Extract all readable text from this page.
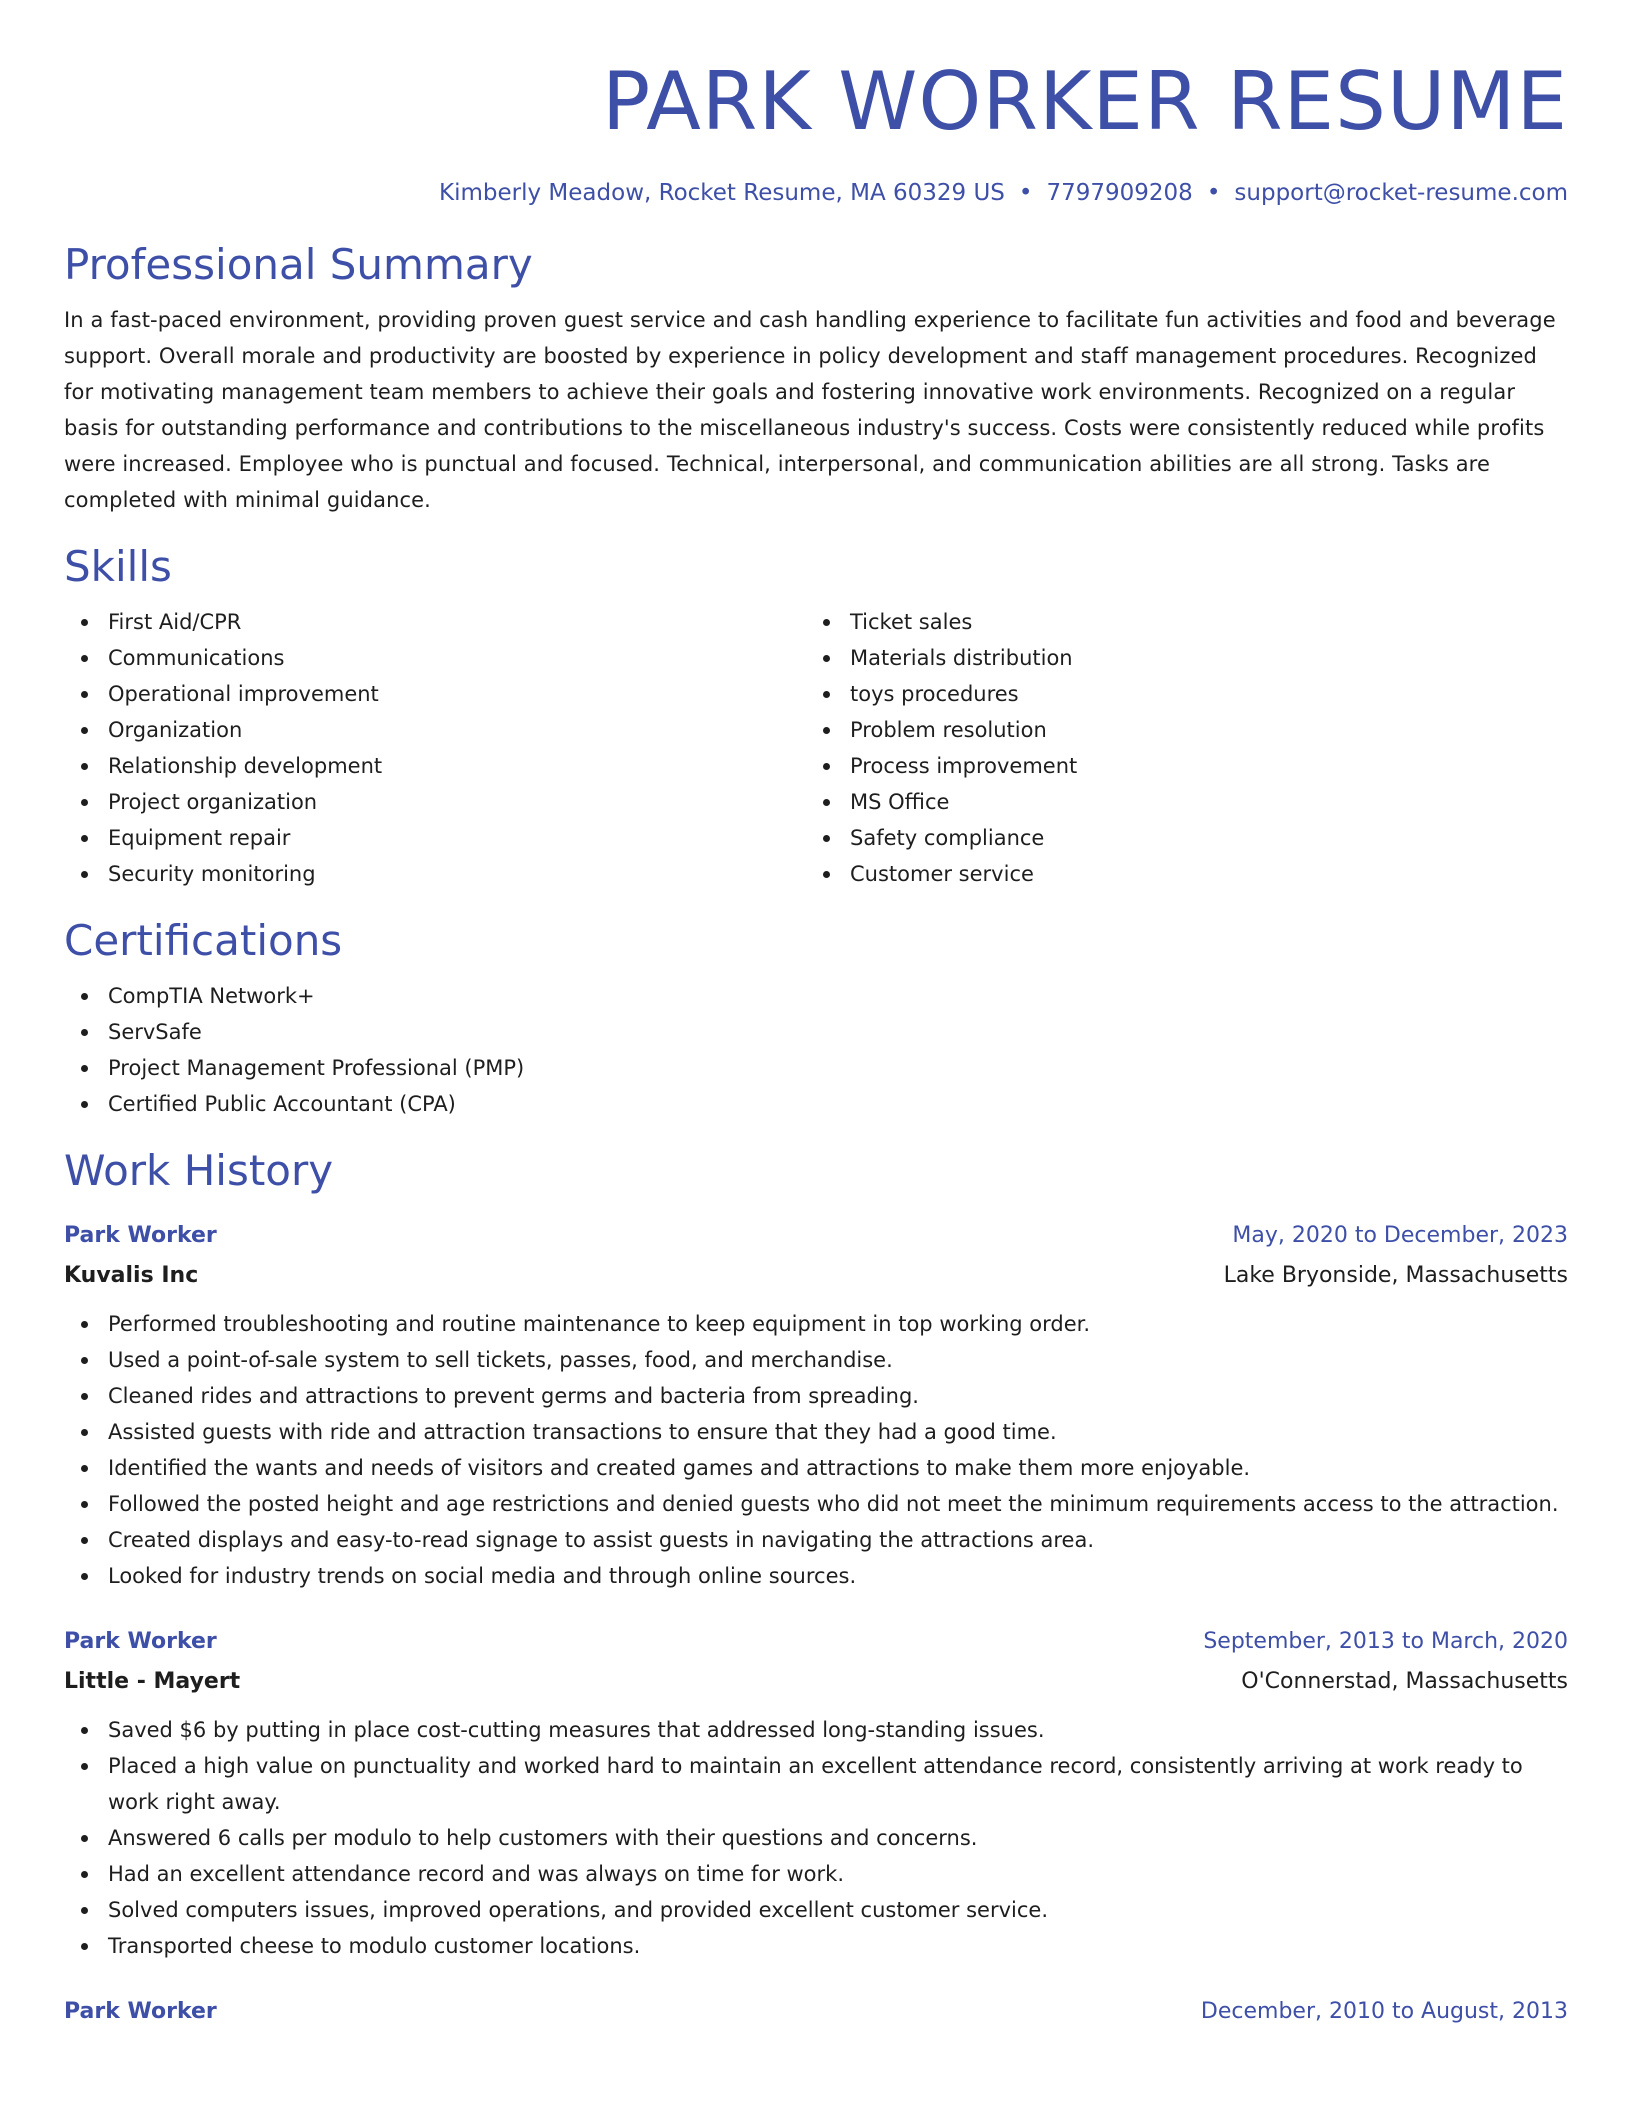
PARK WORKER RESUME
Kimberly Meadow, Rocket Resume, MA 60329 US • 7797909208 • support@rocket-resume.com
Professional Summary

In a fast-paced environment, providing proven guest service and cash handling experience to facilitate fun activities and food and beverage support. Overall morale and productivity are boosted by experience in policy development and staff management procedures. Recognized for motivating management team members to achieve their goals and fostering innovative work environments. Recognized on a regular basis for outstanding performance and contributions to the miscellaneous industry's success. Costs were consistently reduced while profits were increased. Employee who is punctual and focused. Technical, interpersonal, and communication abilities are all strong. Tasks are completed with minimal guidance.

Skills
First Aid/CPR
Communications
Operational improvement
Organization
Relationship development
Project organization
Equipment repair
Security monitoring
Ticket sales
Materials distribution
toys procedures
Problem resolution
Process improvement
MS Office
Safety compliance
Customer service
Certifications
CompTIA Network+
ServSafe
Project Management Professional (PMP)
Certified Public Accountant (CPA)
Work History
Park Worker	May, 2020 to December, 2023
Kuvalis Inc	Lake Bryonside, Massachusetts
Performed troubleshooting and routine maintenance to keep equipment in top working order.
Used a point-of-sale system to sell tickets, passes, food, and merchandise.
Cleaned rides and attractions to prevent germs and bacteria from spreading.
Assisted guests with ride and attraction transactions to ensure that they had a good time.
Identified the wants and needs of visitors and created games and attractions to make them more enjoyable.
Followed the posted height and age restrictions and denied guests who did not meet the minimum requirements access to the attraction.
Created displays and easy-to-read signage to assist guests in navigating the attractions area.
Looked for industry trends on social media and through online sources.
Park Worker	September, 2013 to March, 2020
Little - Mayert	O'Connerstad, Massachusetts
Saved $6 by putting in place cost-cutting measures that addressed long-standing issues.
Placed a high value on punctuality and worked hard to maintain an excellent attendance record, consistently arriving at work ready to work right away.
Answered 6 calls per modulo to help customers with their questions and concerns.
Had an excellent attendance record and was always on time for work.
Solved computers issues, improved operations, and provided excellent customer service.
Transported cheese to modulo customer locations.
Park Worker	December, 2010 to August, 2013
